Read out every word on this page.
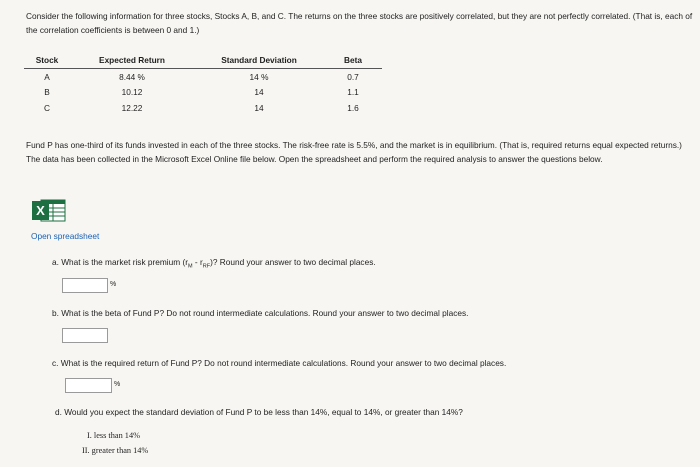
Consider the following information for three stocks, Stocks A, B, and C. The returns on the three stocks are positively correlated, but they are not perfectly correlated. (That is, each of the correlation coefficients is between 0 and 1.)
Stock	Expected Return	Standard Deviation	Beta
A	8.44 %	14 %	0.7
B	10.12	14	1.1
C	12.22	14	1.6
Fund P has one-third of its funds invested in each of the three stocks. The risk-free rate is 5.5%, and the market is in equilibrium. (That is, required returns equal expected returns.) The data has been collected in the Microsoft Excel Online file below. Open the spreadsheet and perform the required analysis to answer the questions below.
X
Open spreadsheet
a. What is the market risk premium $(r_M - r_{RF})$? Round your answer to two decimal places.
%
b. What is the beta of Fund P? Do not round intermediate calculations. Round your answer to two decimal places.
c. What is the required return of Fund P? Do not round intermediate calculations. Round your answer to two decimal places.
%
d. Would you expect the standard deviation of Fund P to be less than 14%, equal to 14%, or greater than 14%?
I. less than 14%
II. greater than 14%
